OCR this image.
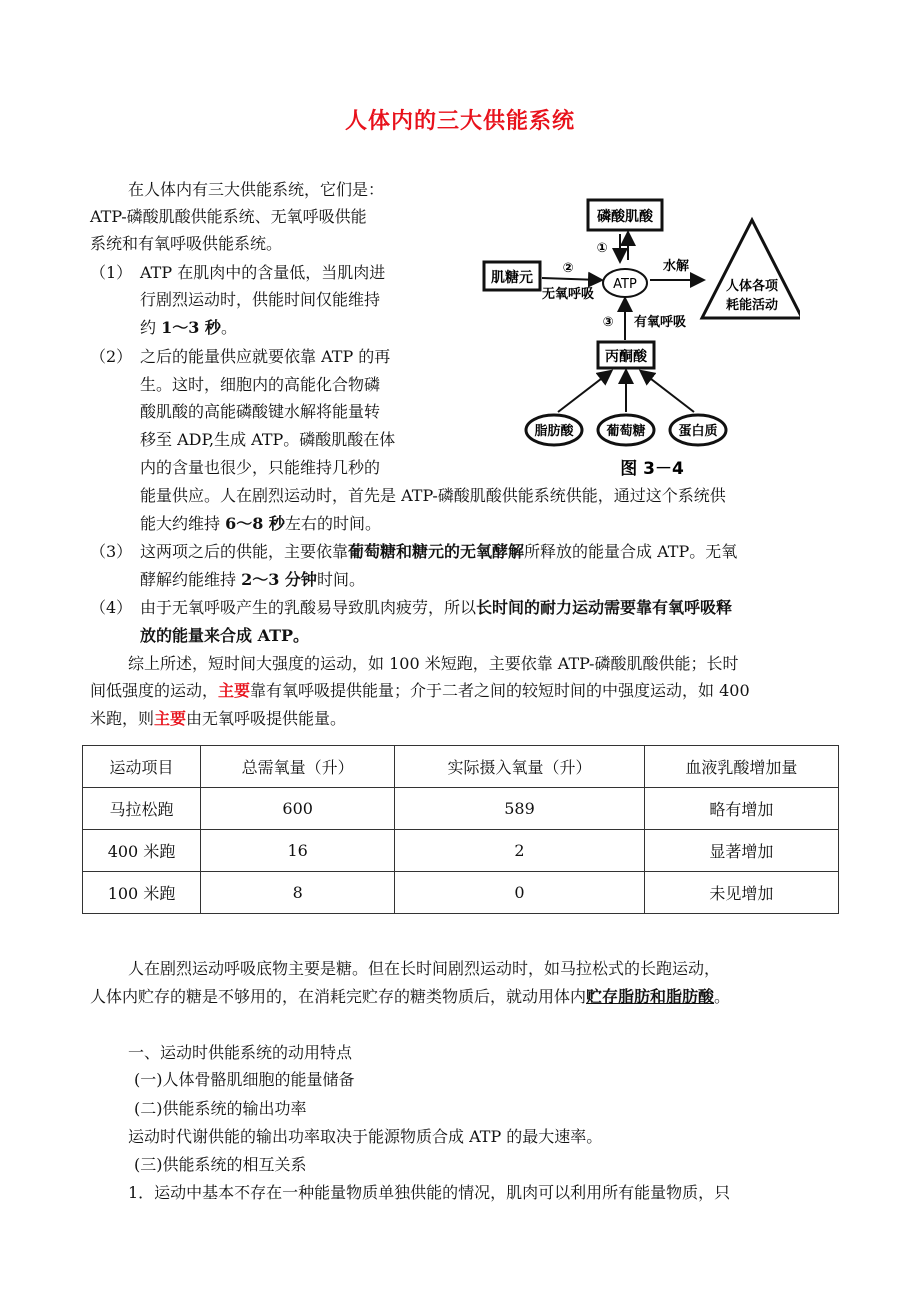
人体内的三大供能系统
在人体内有三大供能系统，它们是：
ATP-磷酸肌酸供能系统、无氧呼吸供能
系统和有氧呼吸供能系统。
（1） ATP 在肌肉中的含量低，当肌肉进
行剧烈运动时，供能时间仅能维持
约 1～3 秒。
（2） 之后的能量供应就要依靠 ATP 的再
生。这时，细胞内的高能化合物磷
酸肌酸的高能磷酸键水解将能量转
移至 ADP,生成 ATP。磷酸肌酸在体
内的含量也很少，只能维持几秒的
能量供应。人在剧烈运动时，首先是 ATP-磷酸肌酸供能系统供能，通过这个系统供
能大约维持 6～8 秒左右的时间。
（3） 这两项之后的供能，主要依靠葡萄糖和糖元的无氧酵解所释放的能量合成 ATP。无氧
酵解约能维持 2～3 分钟时间。
（4） 由于无氧呼吸产生的乳酸易导致肌肉疲劳，所以长时间的耐力运动需要靠有氧呼吸释
放的能量来合成 ATP。
综上所述，短时间大强度的运动，如 100 米短跑，主要依靠 ATP-磷酸肌酸供能；长时
间低强度的运动，主要靠有氧呼吸提供能量；介于二者之间的较短时间的中强度运动，如 400
米跑，则主要由无氧呼吸提供能量。
磷酸肌酸
①
肌糖元
②
无氧呼吸
ATP
水解
人体各项
耗能活动
③ 有氧呼吸
丙酮酸
脂肪酸	葡萄糖	蛋白质
图 3－4
运动项目	总需氧量（升）	实际摄入氧量（升）	血液乳酸增加量
马拉松跑	600	589	略有增加
400 米跑	16	2	显著增加
100 米跑	8	0	未见增加
人在剧烈运动呼吸底物主要是糖。但在长时间剧烈运动时，如马拉松式的长跑运动，
人体内贮存的糖是不够用的，在消耗完贮存的糖类物质后，就动用体内贮存脂肪和脂肪酸。
一、运动时供能系统的动用特点
(一)人体骨骼肌细胞的能量储备
(二)供能系统的输出功率
运动时代谢供能的输出功率取决于能源物质合成 ATP 的最大速率。
(三)供能系统的相互关系
1．运动中基本不存在一种能量物质单独供能的情况，肌肉可以利用所有能量物质，只
